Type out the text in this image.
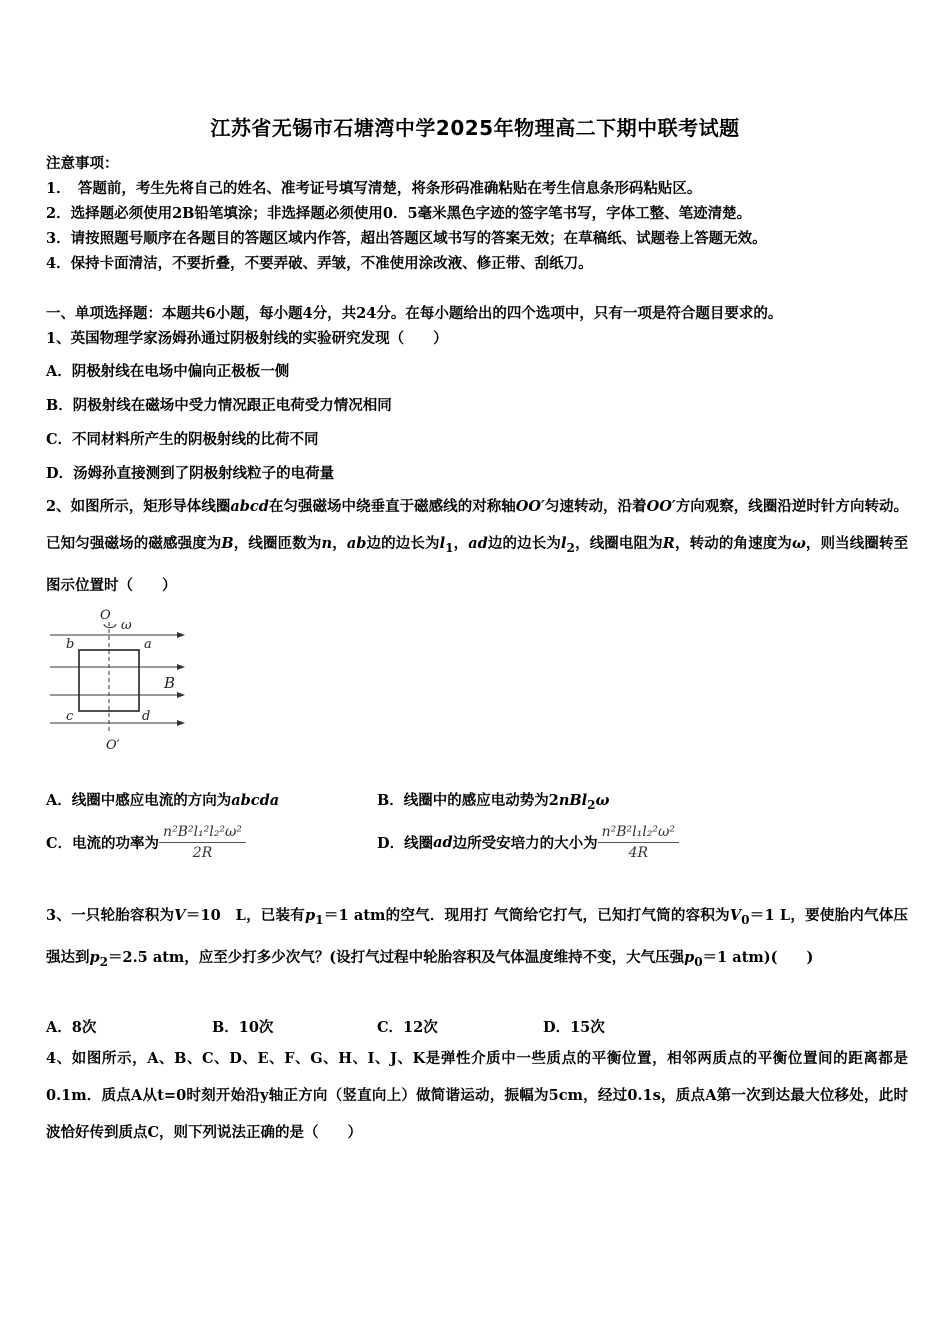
江苏省无锡市石塘湾中学2025年物理高二下期中联考试题
注意事项：
1．　答题前，考生先将自己的姓名、准考证号填写清楚，将条形码准确粘贴在考生信息条形码粘贴区。
2．选择题必须使用2B铅笔填涂；非选择题必须使用0．5毫米黑色字迹的签字笔书写，字体工整、笔迹清楚。
3．请按照题号顺序在各题目的答题区域内作答，超出答题区域书写的答案无效；在草稿纸、试题卷上答题无效。
4．保持卡面清洁，不要折叠，不要弄破、弄皱，不准使用涂改液、修正带、刮纸刀。
一、单项选择题：本题共6小题，每小题4分，共24分。在每小题给出的四个选项中，只有一项是符合题目要求的。
1、英国物理学家汤姆孙通过阴极射线的实验研究发现（　　）
A．阴极射线在电场中偏向正极板一侧
B．阴极射线在磁场中受力情况跟正电荷受力情况相同
C．不同材料所产生的阴极射线的比荷不同
D．汤姆孙直接测到了阴极射线粒子的电荷量
2、如图所示，矩形导体线圈abcd在匀强磁场中绕垂直于磁感线的对称轴OO′匀速转动，沿着OO′方向观察，线圈沿逆时针方向转动。已知匀强磁场的磁感强度为B，线圈匝数为n，ab边的边长为$l_1$，ad边的边长为$l_2$，线圈电阻为R，转动的角速度为ω，则当线圈转至图示位置时（　　）
O
ω
b	a
B
c	d
O′
A．线圈中感应电流的方向为abcda	B．线圈中的感应电动势为2nBl$_2$ω
C．电流的功率为 $\frac{\text{n²B²l₁²l₂²ω²}}{2R}$	D．线圈ad边所受安培力的大小为 $\frac{\text{n²B²l₁l₂²ω²}}{4R}$
3、一只轮胎容积为V＝10　L，已装有$p_1=1$ atm的空气．现用打 气筒给它打气，已知打气筒的容积为$V_0=1$ L，要使胎内气体压强达到$p_2=2.5$ atm，应至少打多少次气？(设打气过程中轮胎容积及气体温度维持不变，大气压强$p_0=1$ atm)(　　)
A．8次	B．10次	C．12次	D．15次
4、如图所示，A、B、C、D、E、F、G、H、I、J、K是弹性介质中一些质点的平衡位置，相邻两质点的平衡位置间的距离都是0.1m．质点A从t=0时刻开始沿y轴正方向（竖直向上）做简谐运动，振幅为5cm，经过0.1s，质点A第一次到达最大位移处，此时波恰好传到质点C，则下列说法正确的是（　　）
